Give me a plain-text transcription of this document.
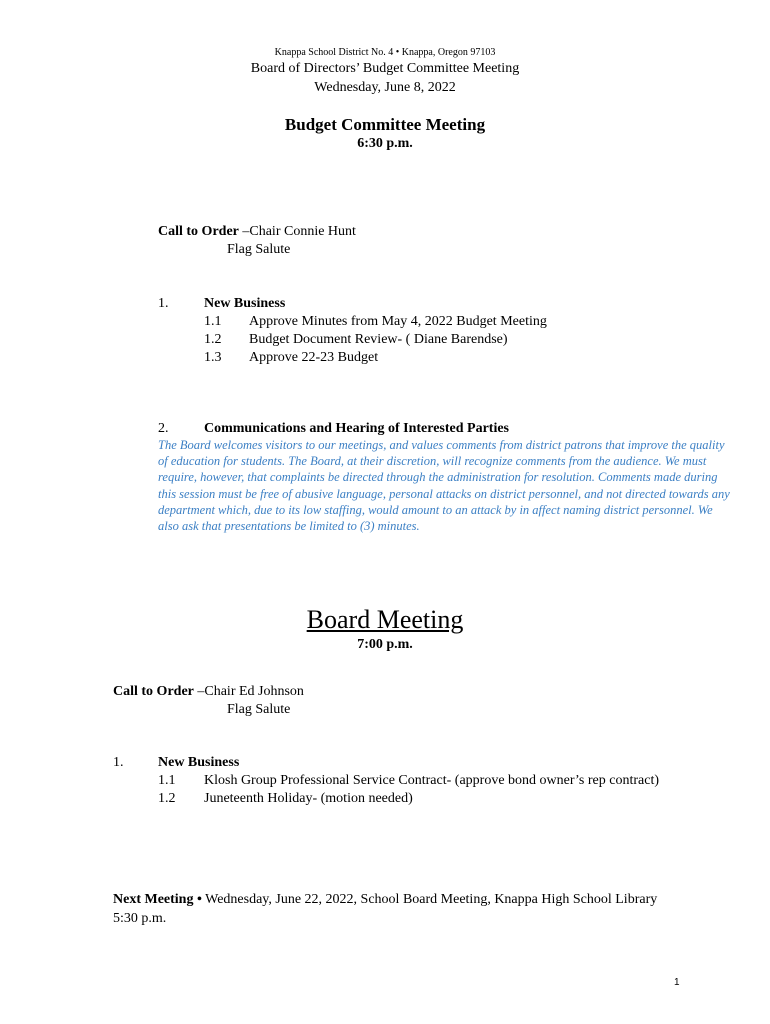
Knappa School District No. 4 • Knappa, Oregon 97103
Board of Directors’ Budget Committee Meeting
Wednesday, June 8, 2022
Budget Committee Meeting
6:30 p.m.
Call to Order –Chair Connie Hunt
Flag Salute
1.	New Business
1.1 Approve Minutes from May 4, 2022 Budget Meeting
1.2 Budget Document Review- ( Diane Barendse)
1.3 Approve 22-23 Budget
2.	Communications and Hearing of Interested Parties
The Board welcomes visitors to our meetings, and values comments from district patrons that improve the quality of education for students. The Board, at their discretion, will recognize comments from the audience. We must require, however, that complaints be directed through the administration for resolution. Comments made during this session must be free of abusive language, personal attacks on district personnel, and not directed towards any department which, due to its low staffing, would amount to an attack by in affect naming district personnel. We also ask that presentations be limited to (3) minutes.
Board Meeting
7:00 p.m.
Call to Order –Chair Ed Johnson
Flag Salute
1. New Business
1.1 Klosh Group Professional Service Contract- (approve bond owner’s rep contract)
1.2 Juneteenth Holiday- (motion needed)
Next Meeting • Wednesday, June 22, 2022, School Board Meeting, Knappa High School Library
5:30 p.m.
1
